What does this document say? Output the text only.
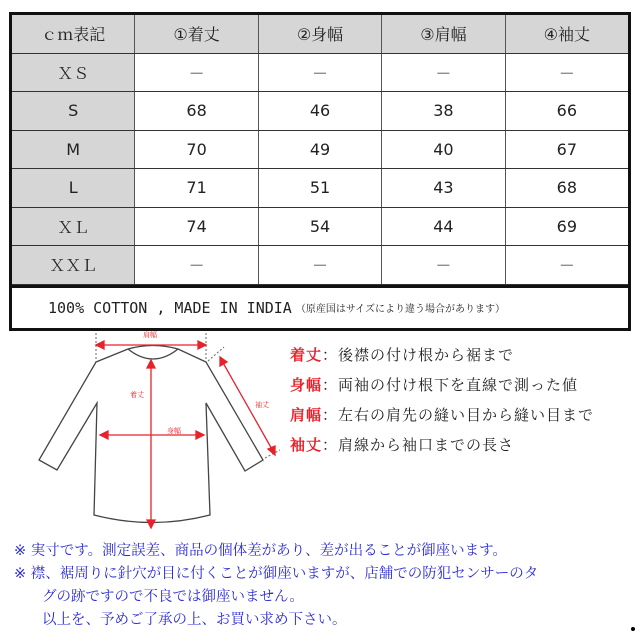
ｃｍ表記	①着丈	②身幅	③肩幅	④袖丈
ＸＳ	－	－	－	－
S	68	46	38	66
M	70	49	40	67
L	71	51	43	68
ＸＬ	74	54	44	69
ＸＸＬ	－	－	－	－
100% COTTON , MADE IN INDIA （原産国はサイズにより違う場合があります）
肩幅
着丈
身幅
袖丈
着丈：後襟の付け根から裾まで
身幅：両袖の付け根下を直線で測った値
肩幅：左右の肩先の縫い目から縫い目まで
袖丈：肩線から袖口までの長さ
※ 実寸です。測定誤差、商品の個体差があり、差が出ることが御座います。
※ 襟、裾周りに針穴が目に付くことが御座いますが、店舗での防犯センサーのタ
グの跡ですので不良では御座いません。
以上を、予めご了承の上、お買い求め下さい。
